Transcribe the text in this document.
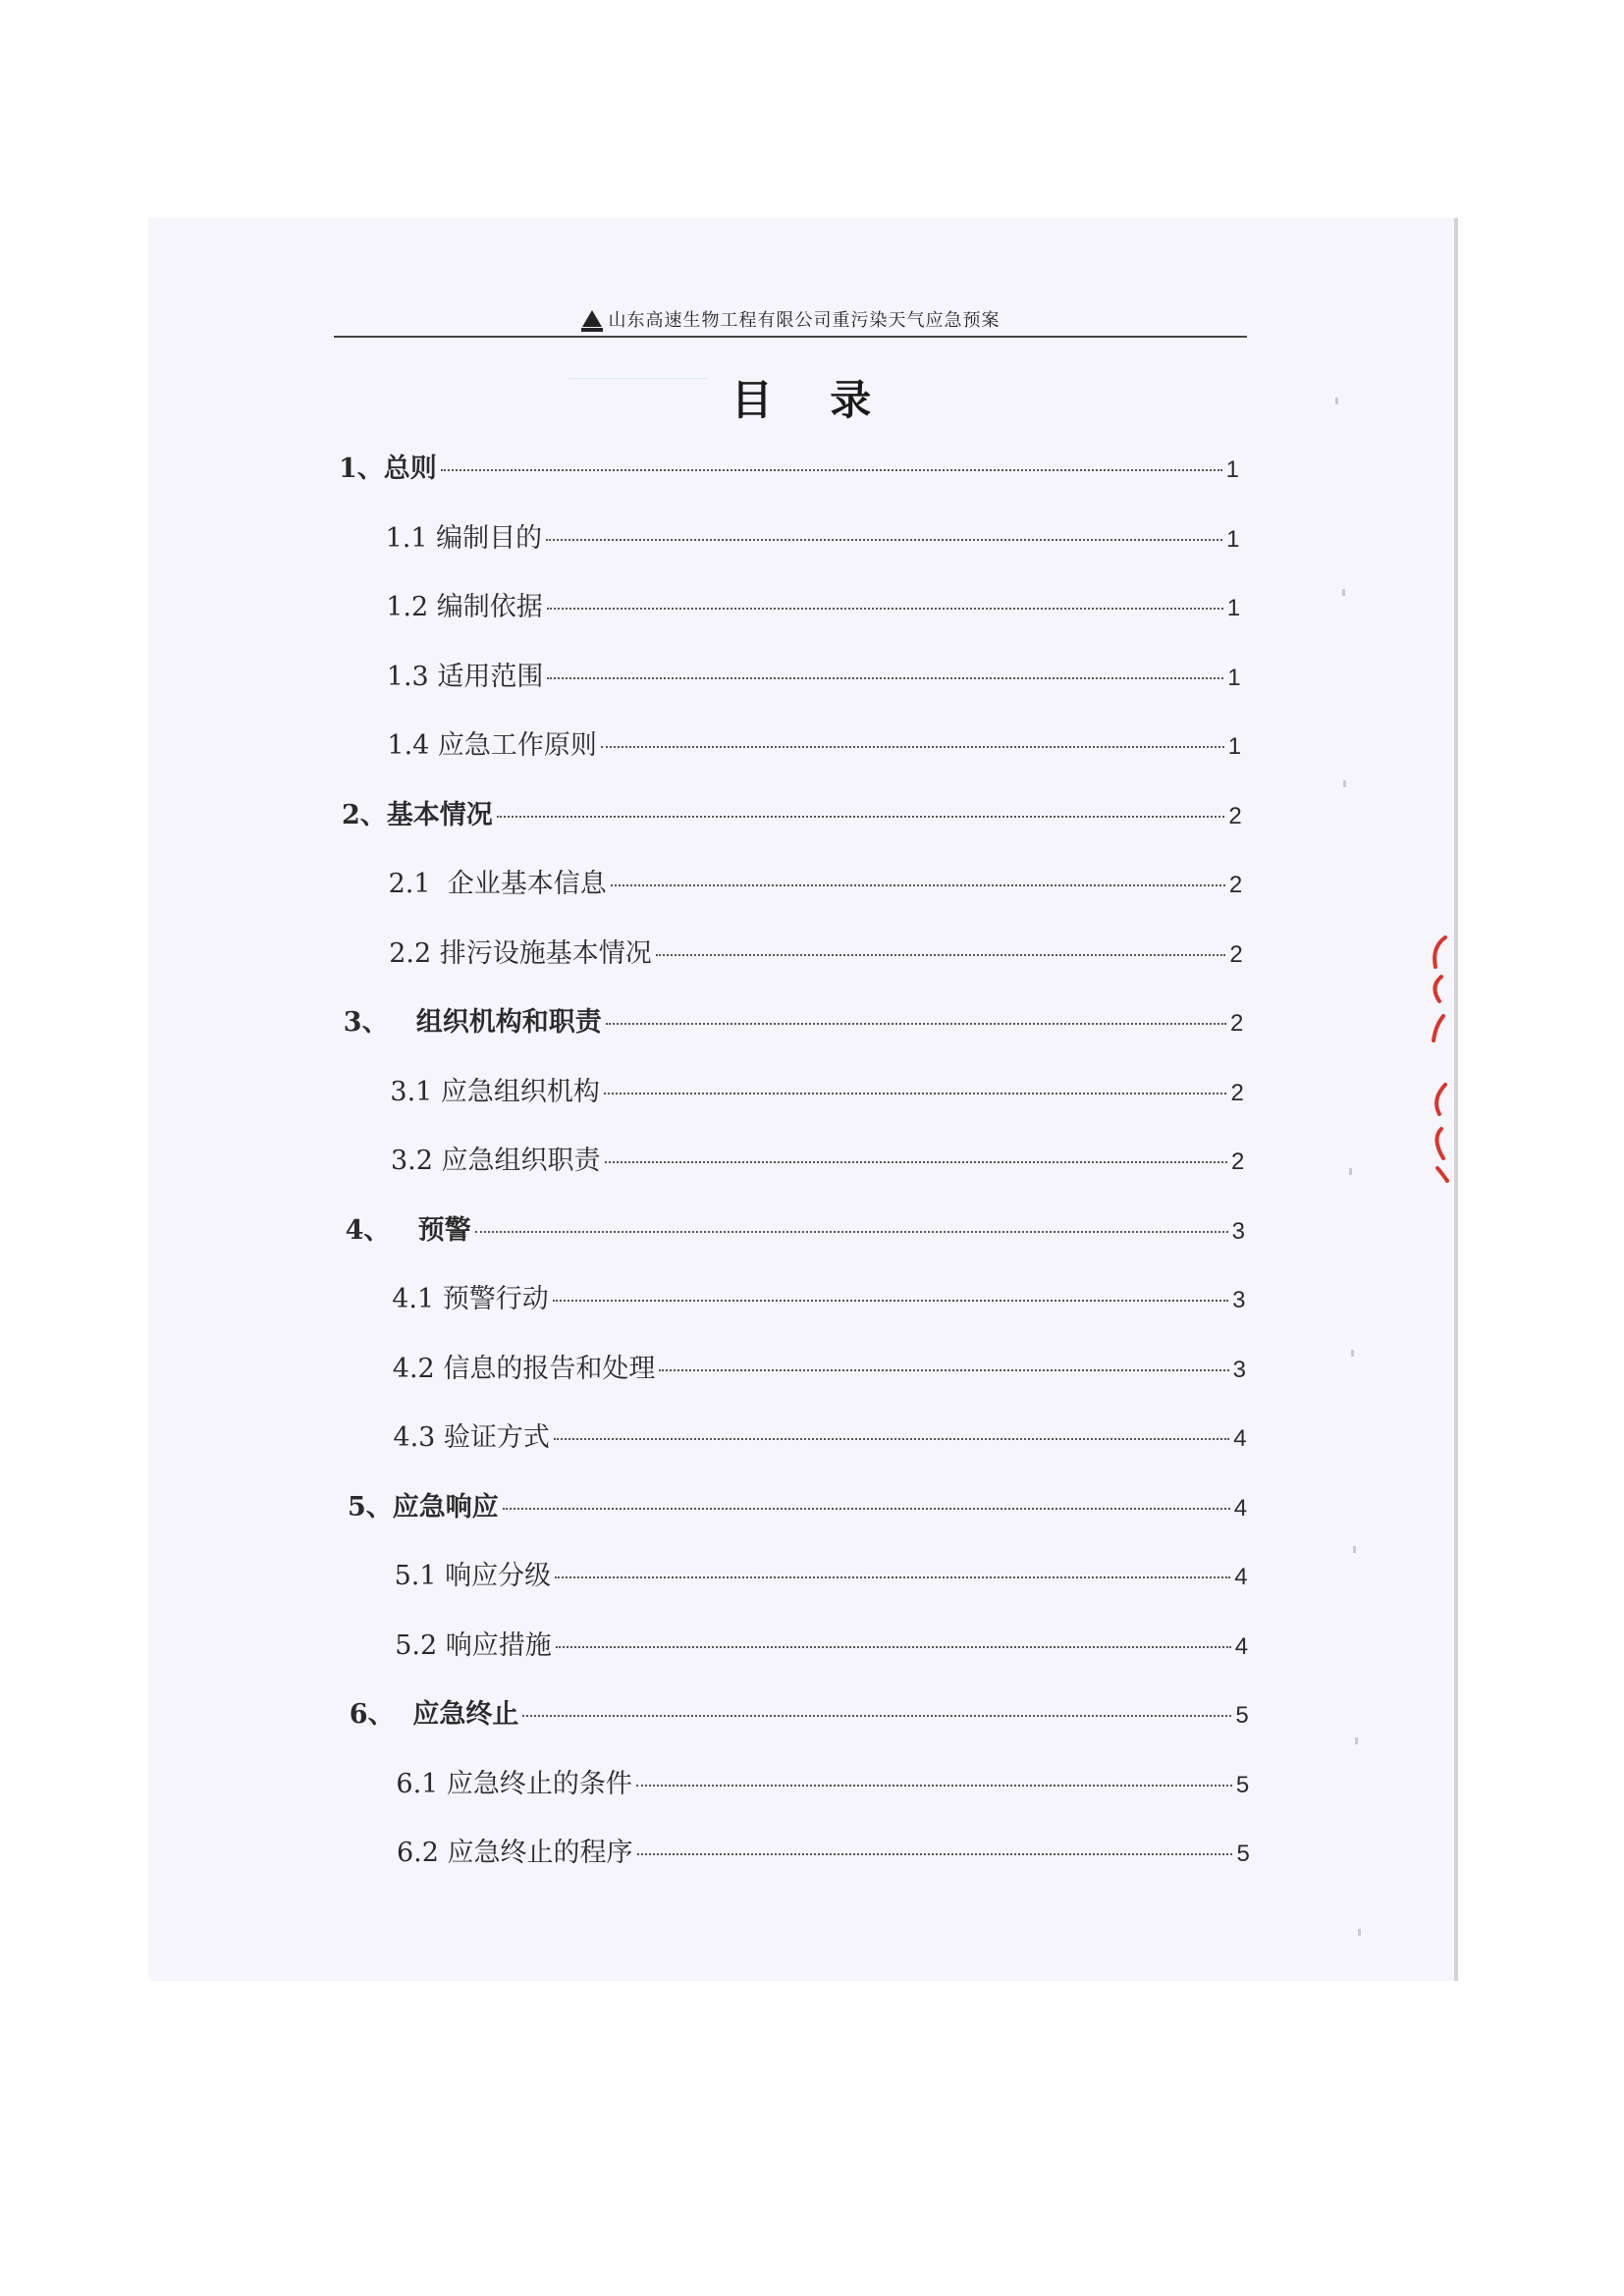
山东高速生物工程有限公司重污染天气应急预案
目 录
1、总则	1
1.1 编制目的	1
1.2 编制依据	1
1.3 适用范围	1
1.4 应急工作原则	1
2、基本情况	2
2.1  企业基本信息	2
2.2 排污设施基本情况	2
3、   组织机构和职责	2
3.1 应急组织机构	2
3.2 应急组织职责	2
4、   预警	3
4.1 预警行动	3
4.2 信息的报告和处理	3
4.3 验证方式	4
5、应急响应	4
5.1 响应分级	4
5.2 响应措施	4
6、  应急终止	5
6.1 应急终止的条件	5
6.2 应急终止的程序	5
